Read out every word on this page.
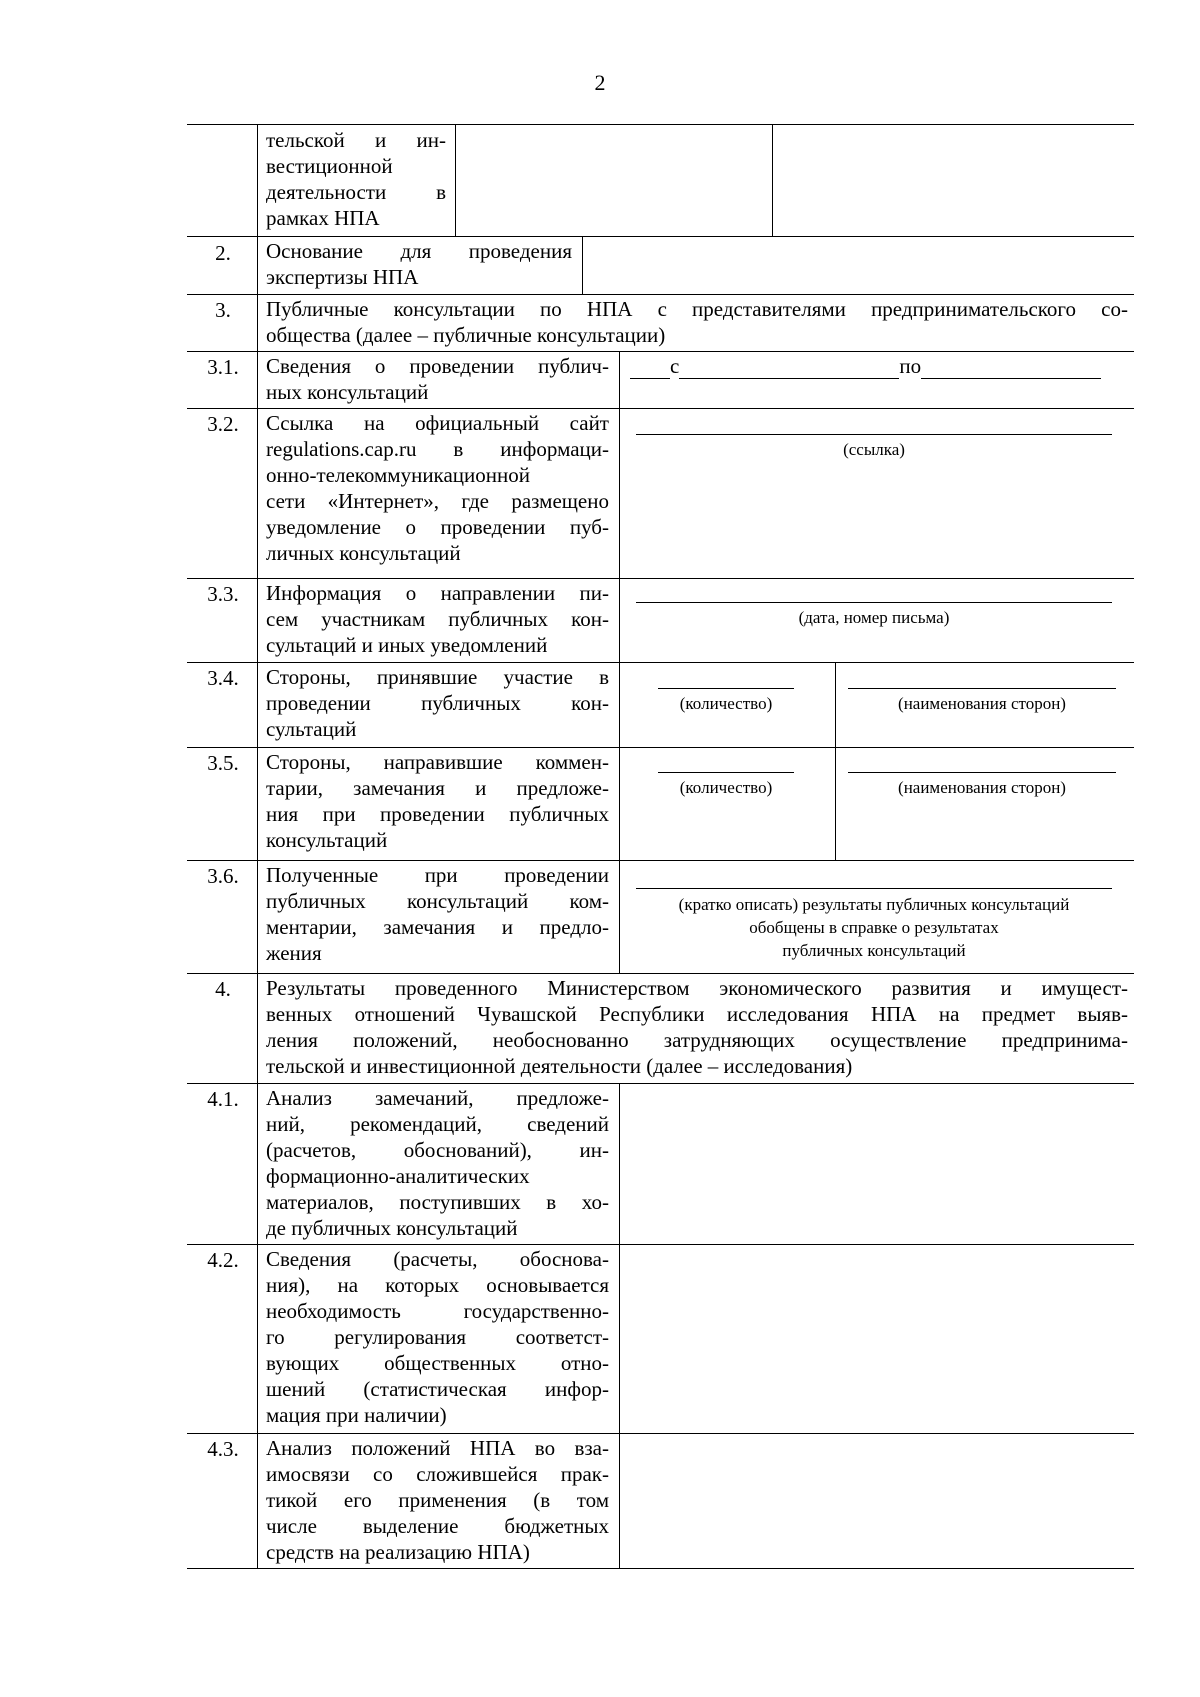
2
тельской и ин-
вестиционной
деятельности в
рамках НПА
2.	Основание для проведения
экспертизы НПА
3.	Публичные консультации по НПА с представителями предпринимательского со-
общества (далее – публичные консультации)
3.1.	Сведения о проведении публич-
ных консультаций
с	по
3.2.	Ссылка на официальный сайт
regulations.cap.ru в информаци-
онно-телекоммуникационной
сети «Интернет», где размещено
уведомление о проведении пуб-
личных консультаций
(ссылка)
3.3.	Информация о направлении пи-
сем участникам публичных кон-
сультаций и иных уведомлений
(дата, номер письма)
3.4.	Стороны, принявшие участие в
проведении публичных кон-
сультаций
(количество)	(наименования сторон)
3.5.	Стороны, направившие коммен-
тарии, замечания и предложе-
ния при проведении публичных
консультаций
(количество)	(наименования сторон)
3.6.	Полученные при проведении
публичных консультаций ком-
ментарии, замечания и предло-
жения
(кратко описать) результаты публичных консультаций
обобщены в справке о результатах
публичных консультаций
4.	Результаты проведенного Министерством экономического развития и имущест-
венных отношений Чувашской Республики исследования НПА на предмет выяв-
ления положений, необоснованно затрудняющих осуществление предпринима-
тельской и инвестиционной деятельности (далее – исследования)
4.1.	Анализ замечаний, предложе-
ний, рекомендаций, сведений
(расчетов, обоснований), ин-
формационно-аналитических
материалов, поступивших в хо-
де публичных консультаций
4.2.	Сведения (расчеты, обоснова-
ния), на которых основывается
необходимость государственно-
го регулирования соответст-
вующих общественных отно-
шений (статистическая инфор-
мация при наличии)
4.3.	Анализ положений НПА во вза-
имосвязи со сложившейся прак-
тикой его применения (в том
числе выделение бюджетных
средств на реализацию НПА)
